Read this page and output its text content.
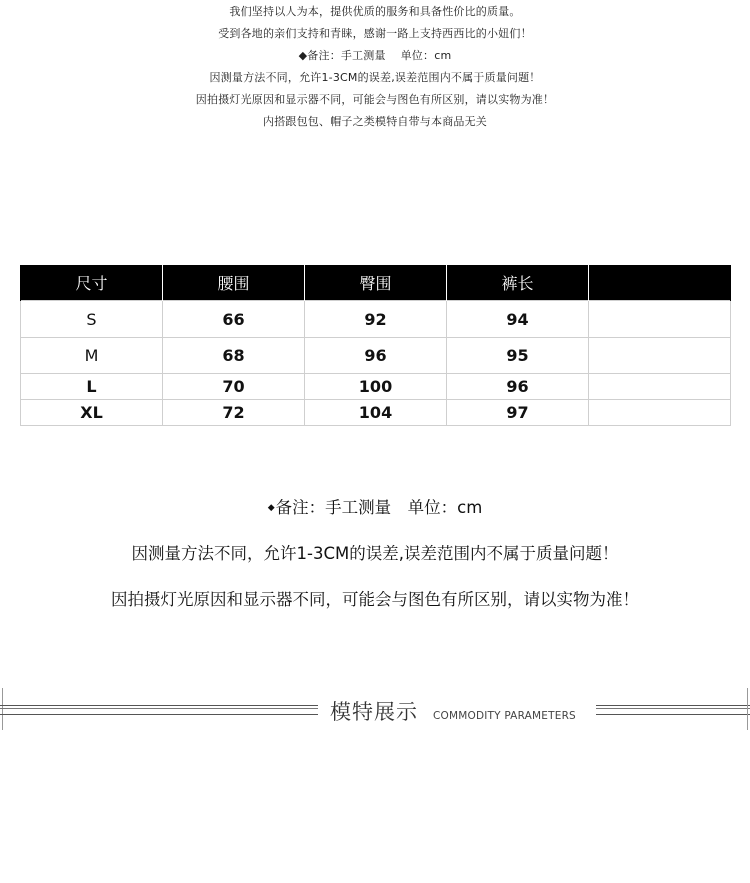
我们坚持以人为本，提供优质的服务和具备性价比的质量。
受到各地的亲们支持和青睐，感谢一路上支持西西比的小妞们！
◆备注：手工测量　 单位：cm
因测量方法不同，允许1-3CM的误差,误差范围内不属于质量问题！
因拍摄灯光原因和显示器不同，可能会与图色有所区别，请以实物为准！
内搭跟包包、帽子之类模特自带与本商品无关
尺寸	腰围	臀围	裤长	
S	66	92	94	
M	68	96	95	
L	70	100	96	
XL	72	104	97	
◆备注：手工测量　单位：cm
因测量方法不同，允许1-3CM的误差,误差范围内不属于质量问题！
因拍摄灯光原因和显示器不同，可能会与图色有所区别，请以实物为准！
模特展示 COMMODITY PARAMETERS
